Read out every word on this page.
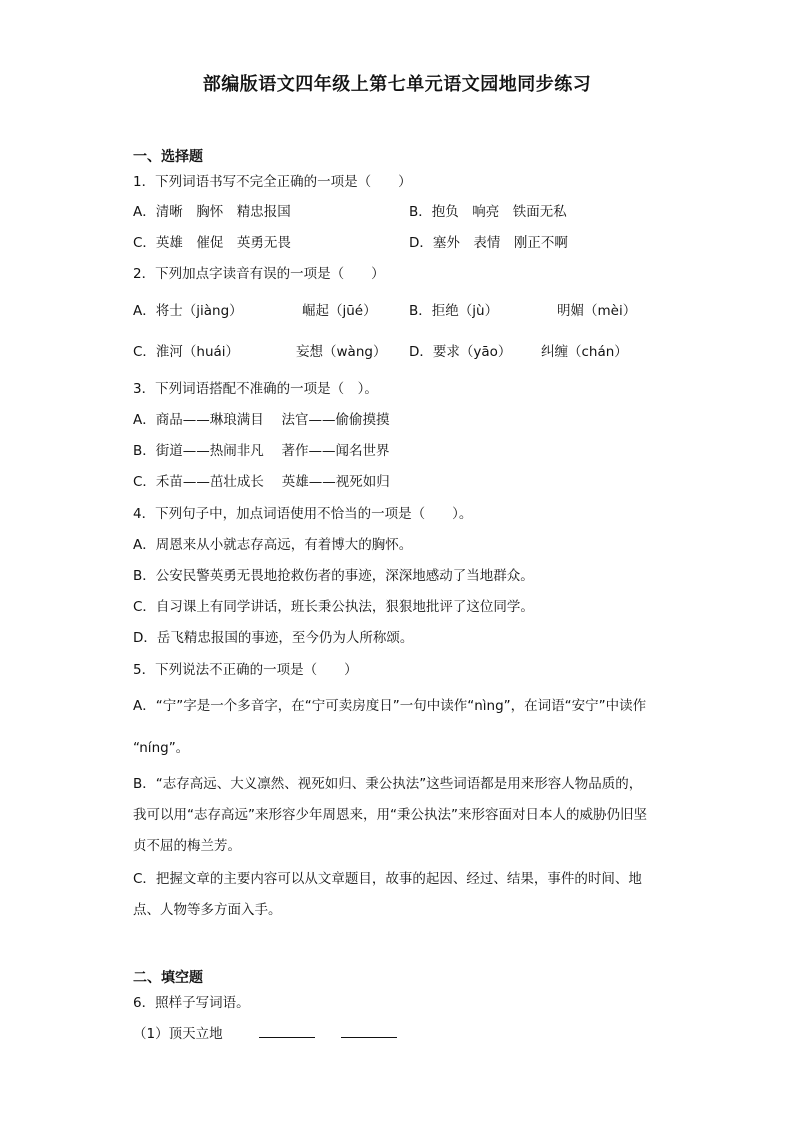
部编版语文四年级上第七单元语文园地同步练习
一、选择题
1．下列词语书写不完全正确的一项是（　　）
A．清晰　胸怀　精忠报国	B．抱负　响亮　铁面无私
C．英雄　催促　英勇无畏	D．塞外　表情　刚正不啊
2．下列加点字读音有误的一项是（　　）
A．将士（jiàng）	崛起（jūé） B．拒绝（jù）	明媚（mèi）
C．淮河（huái）	妄想（wàng） D．要求（yāo） 纠缠（chán）
3．下列词语搭配不准确的一项是（　）。
A．商品——琳琅满目　 法官——偷偷摸摸
B．街道——热闹非凡　 著作——闻名世界
C．禾苗——茁壮成长　 英雄——视死如归
4．下列句子中，加点词语使用不恰当的一项是（　　）。
A．周恩来从小就志存高远，有着博大的胸怀。
B．公安民警英勇无畏地抢救伤者的事迹，深深地感动了当地群众。
C．自习课上有同学讲话，班长秉公执法，狠狠地批评了这位同学。
D．岳飞精忠报国的事迹，至今仍为人所称颂。
5．下列说法不正确的一项是（　　）
A．“宁”字是一个多音字，在“宁可卖房度日”一句中读作“nìng”，在词语“安宁”中读作
“níng”。
B．“志存高远、大义凛然、视死如归、秉公执法”这些词语都是用来形容人物品质的，
我可以用“志存高远”来形容少年周恩来，用“秉公执法”来形容面对日本人的威胁仍旧坚
贞不屈的梅兰芳。
C．把握文章的主要内容可以从文章题目，故事的起因、经过、结果，事件的时间、地
点、人物等多方面入手。
二、填空题
6．照样子写词语。
（1）顶天立地
